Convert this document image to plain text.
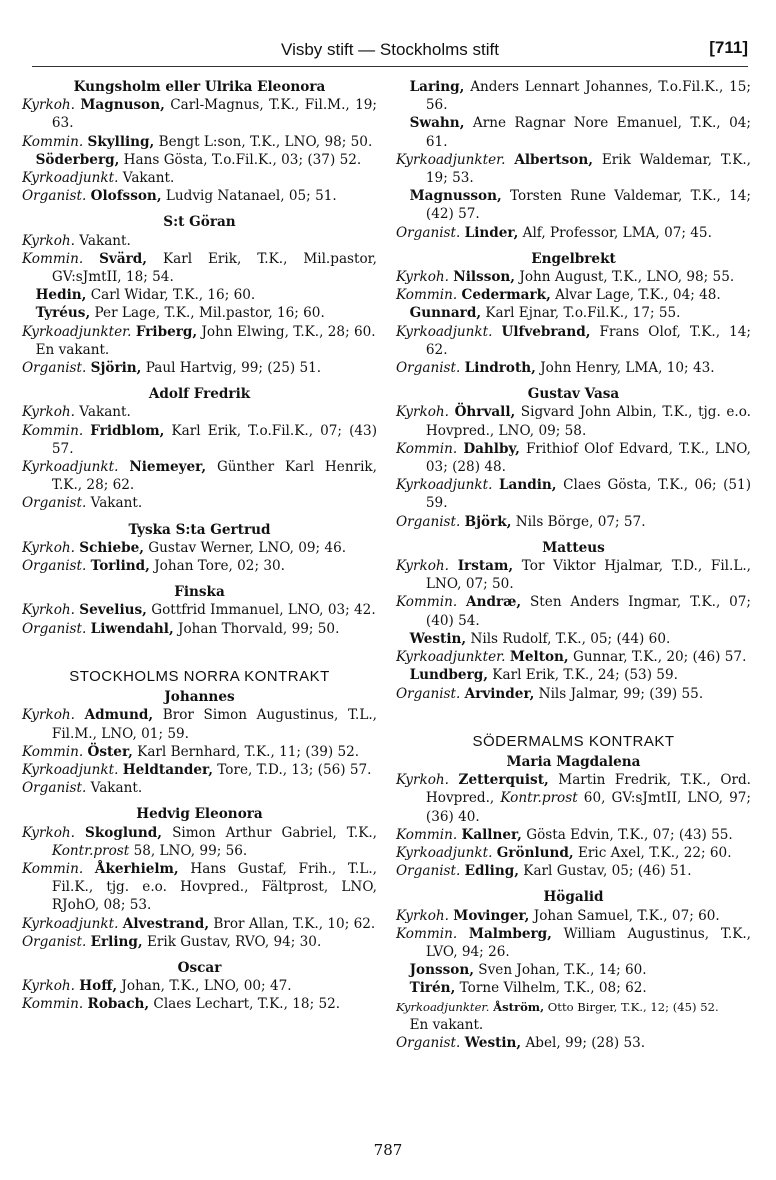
Visby stift — Stockholms stift	[711]
Kungsholm eller Ulrika Eleonora
Kyrkoh. Magnuson, Carl-Magnus, T.K., Fil.M., 19; 63.
Kommin. Skylling, Bengt L:son, T.K., LNO, 98; 50.
Söderberg, Hans Gösta, T.o.Fil.K., 03; (37) 52.
Kyrkoadjunkt. Vakant.
Organist. Olofsson, Ludvig Natanael, 05; 51.
S:t Göran
Kyrkoh. Vakant.
Kommin. Svärd, Karl Erik, T.K., Mil.pastor, GV:sJmtII, 18; 54.
Hedin, Carl Widar, T.K., 16; 60.
Tyréus, Per Lage, T.K., Mil.pastor, 16; 60.
Kyrkoadjunkter. Friberg, John Elwing, T.K., 28; 60.
En vakant.
Organist. Sjörin, Paul Hartvig, 99; (25) 51.
Adolf Fredrik
Kyrkoh. Vakant.
Kommin. Fridblom, Karl Erik, T.o.Fil.K., 07; (43) 57.
Kyrkoadjunkt. Niemeyer, Günther Karl Henrik, T.K., 28; 62.
Organist. Vakant.
Tyska S:ta Gertrud
Kyrkoh. Schiebe, Gustav Werner, LNO, 09; 46.
Organist. Torlind, Johan Tore, 02; 30.
Finska
Kyrkoh. Sevelius, Gottfrid Immanuel, LNO, 03; 42.
Organist. Liwendahl, Johan Thorvald, 99; 50.
STOCKHOLMS NORRA KONTRAKT
Johannes
Kyrkoh. Admund, Bror Simon Augustinus, T.L., Fil.M., LNO, 01; 59.
Kommin. Öster, Karl Bernhard, T.K., 11; (39) 52.
Kyrkoadjunkt. Heldtander, Tore, T.D., 13; (56) 57.
Organist. Vakant.
Hedvig Eleonora
Kyrkoh. Skoglund, Simon Arthur Gabriel, T.K., Kontr.prost 58, LNO, 99; 56.
Kommin. Åkerhielm, Hans Gustaf, Frih., T.L., Fil.K., tjg. e.o. Hovpred., Fältprost, LNO, RJohO, 08; 53.
Kyrkoadjunkt. Alvestrand, Bror Allan, T.K., 10; 62.
Organist. Erling, Erik Gustav, RVO, 94; 30.
Oscar
Kyrkoh. Hoff, Johan, T.K., LNO, 00; 47.
Kommin. Robach, Claes Lechart, T.K., 18; 52.
Laring, Anders Lennart Johannes, T.o.Fil.K., 15; 56.
Swahn, Arne Ragnar Nore Emanuel, T.K., 04; 61.
Kyrkoadjunkter. Albertson, Erik Waldemar, T.K., 19; 53.
Magnusson, Torsten Rune Valdemar, T.K., 14; (42) 57.
Organist. Linder, Alf, Professor, LMA, 07; 45.
Engelbrekt
Kyrkoh. Nilsson, John August, T.K., LNO, 98; 55.
Kommin. Cedermark, Alvar Lage, T.K., 04; 48.
Gunnard, Karl Ejnar, T.o.Fil.K., 17; 55.
Kyrkoadjunkt. Ulfvebrand, Frans Olof, T.K., 14; 62.
Organist. Lindroth, John Henry, LMA, 10; 43.
Gustav Vasa
Kyrkoh. Öhrvall, Sigvard John Albin, T.K., tjg. e.o. Hovpred., LNO, 09; 58.
Kommin. Dahlby, Frithiof Olof Edvard, T.K., LNO, 03; (28) 48.
Kyrkoadjunkt. Landin, Claes Gösta, T.K., 06; (51) 59.
Organist. Björk, Nils Börge, 07; 57.
Matteus
Kyrkoh. Irstam, Tor Viktor Hjalmar, T.D., Fil.L., LNO, 07; 50.
Kommin. Andræ, Sten Anders Ingmar, T.K., 07; (40) 54.
Westin, Nils Rudolf, T.K., 05; (44) 60.
Kyrkoadjunkter. Melton, Gunnar, T.K., 20; (46) 57.
Lundberg, Karl Erik, T.K., 24; (53) 59.
Organist. Arvinder, Nils Jalmar, 99; (39) 55.
SÖDERMALMS KONTRAKT
Maria Magdalena
Kyrkoh. Zetterquist, Martin Fredrik, T.K., Ord. Hovpred., Kontr.prost 60, GV:sJmtII, LNO, 97; (36) 40.
Kommin. Kallner, Gösta Edvin, T.K., 07; (43) 55.
Kyrkoadjunkt. Grönlund, Eric Axel, T.K., 22; 60.
Organist. Edling, Karl Gustav, 05; (46) 51.
Högalid
Kyrkoh. Movinger, Johan Samuel, T.K., 07; 60.
Kommin. Malmberg, William Augustinus, T.K., LVO, 94; 26.
Jonsson, Sven Johan, T.K., 14; 60.
Tirén, Torne Vilhelm, T.K., 08; 62.
Kyrkoadjunkter. Åström, Otto Birger, T.K., 12; (45) 52.
En vakant.
Organist. Westin, Abel, 99; (28) 53.
787
